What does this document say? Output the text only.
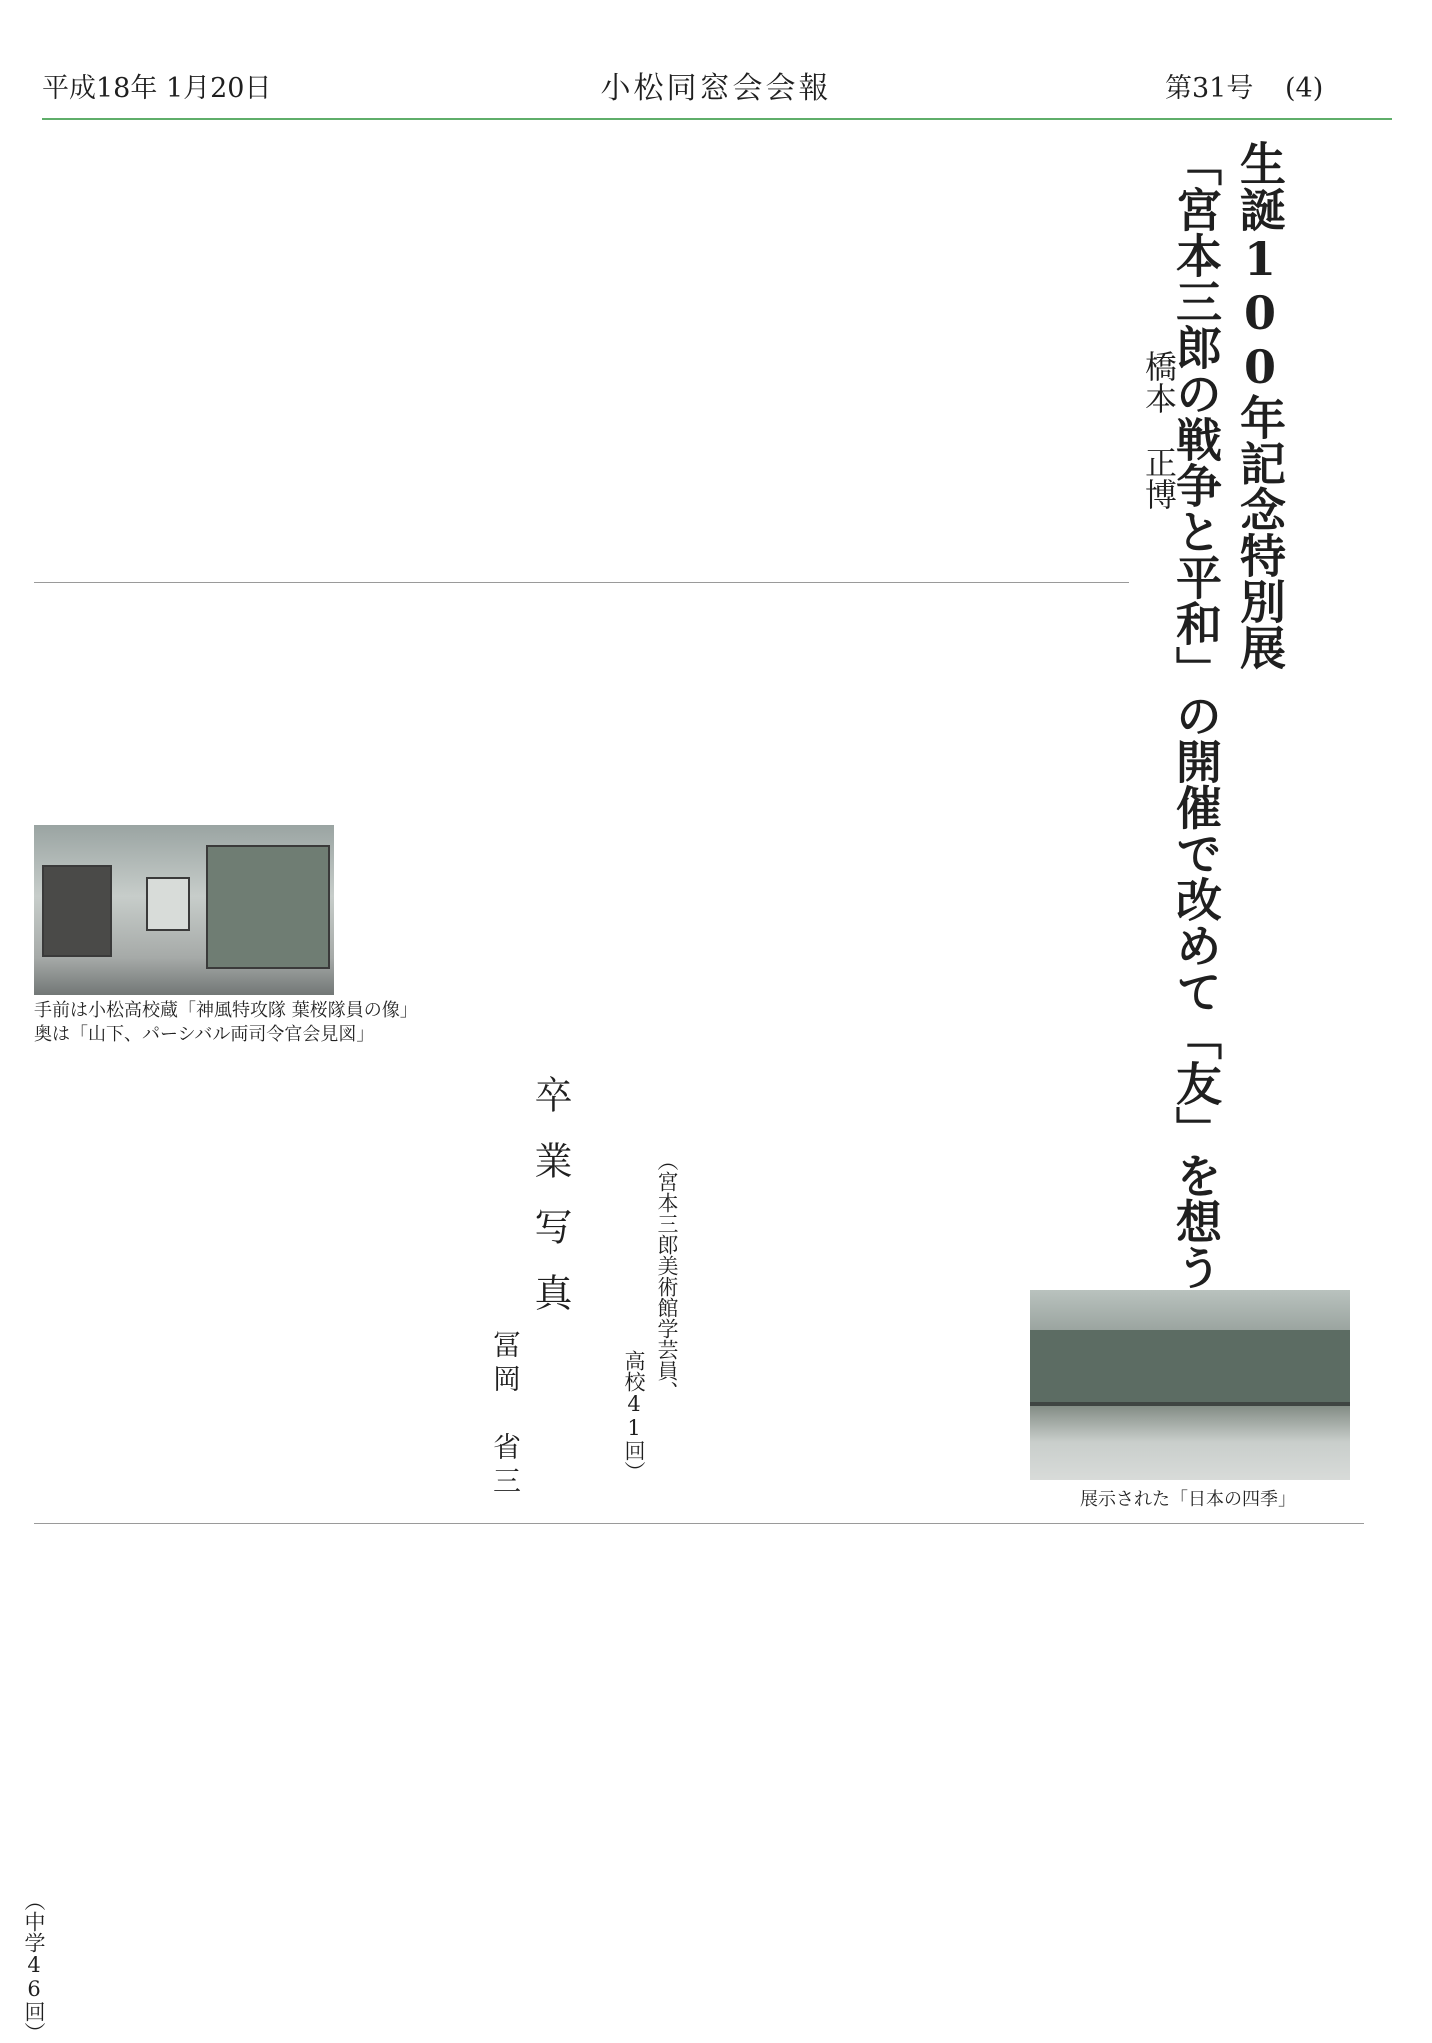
平成18年 1月20日	小松同窓会会報	第31号 (4)
生誕100年記念特別展
「宮本三郎の戦争と平和」の開催で改めて「友」を想う
橋本　正博
手前は小松高校蔵「神風特攻隊 葉桜隊員の像」
奥は「山下、パーシバル両司令官会見図」
展示された「日本の四季」
（宮本三郎美術館学芸員、
高校41回）
卒業写真
冨岡　省三
（中学46回）
